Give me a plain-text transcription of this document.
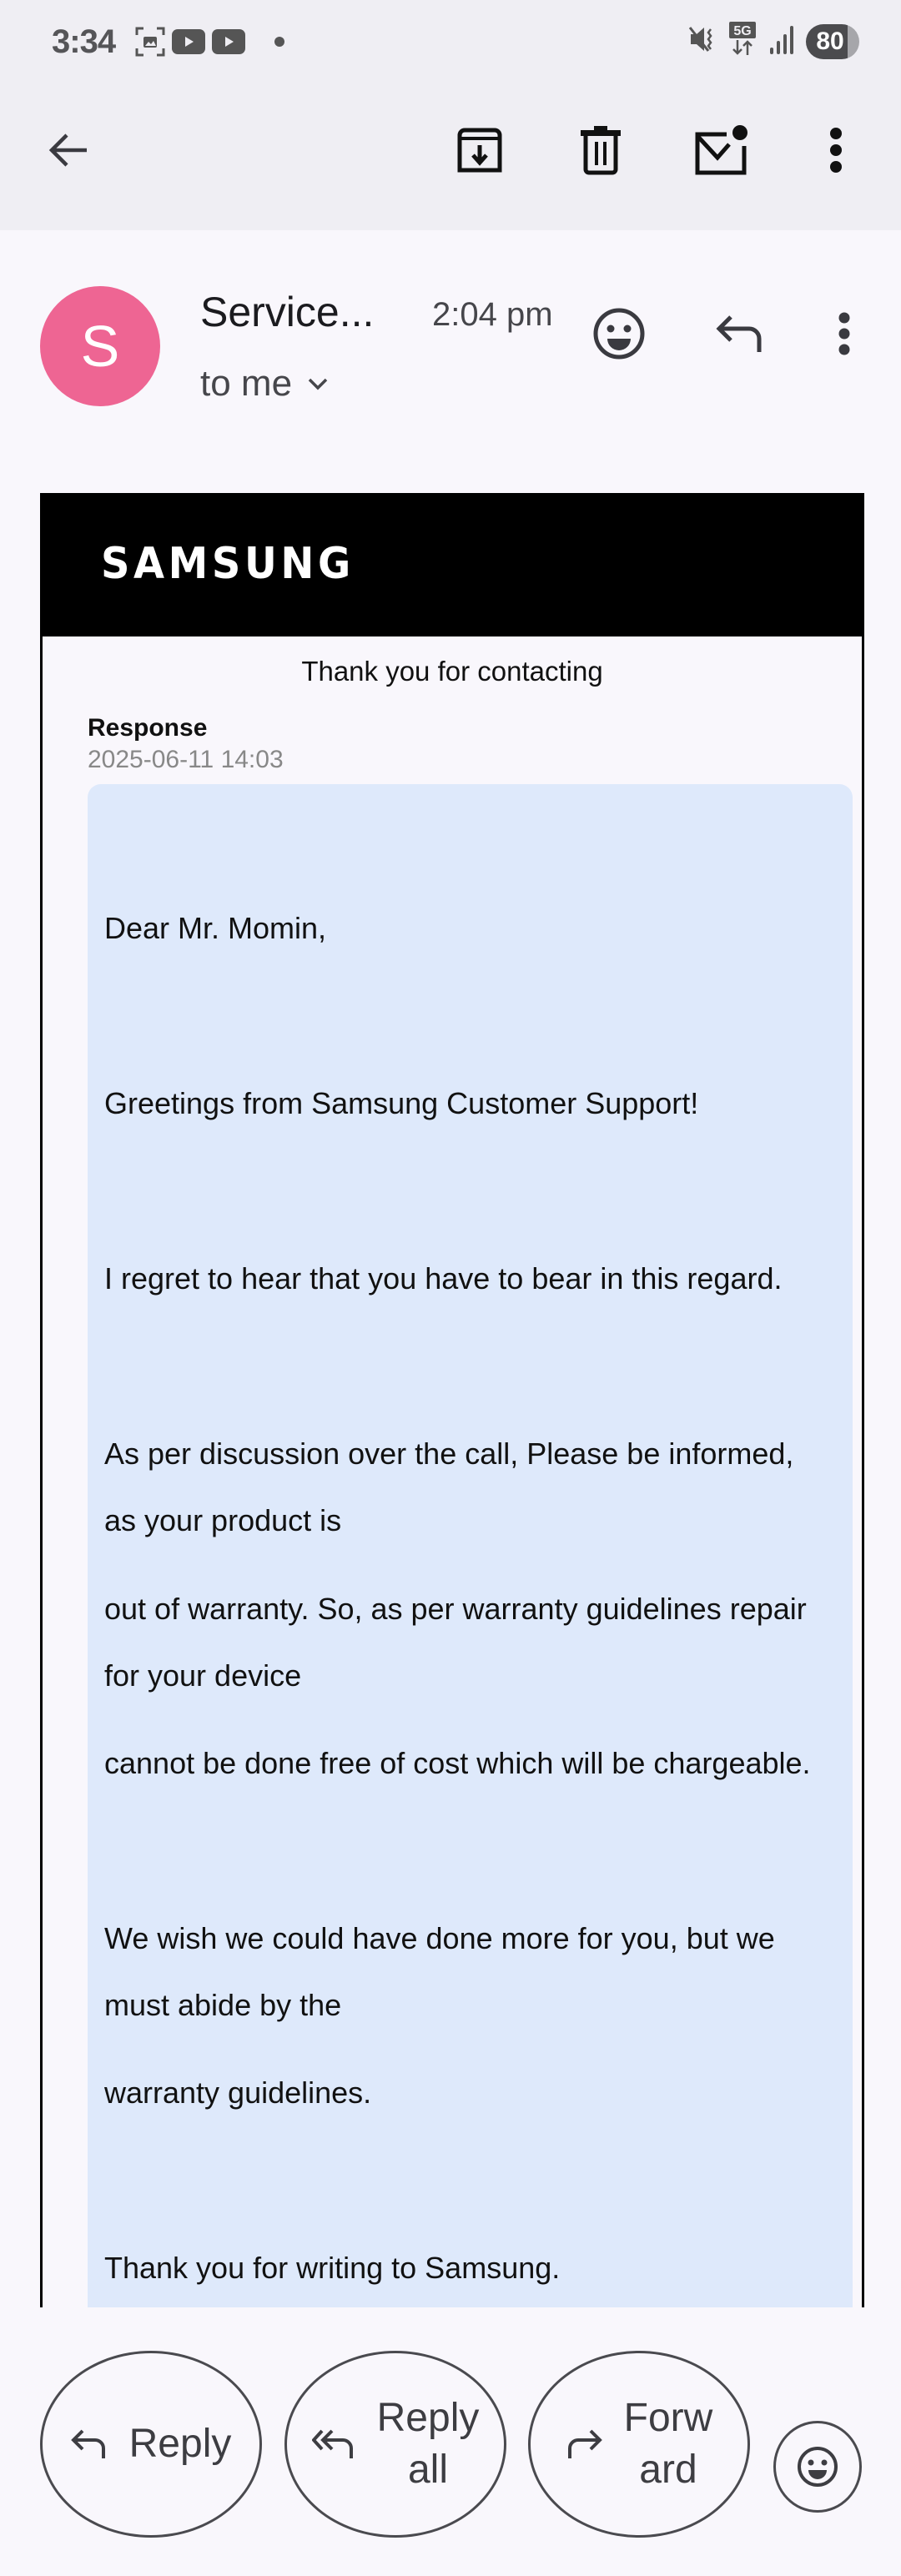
3:34	5G	80
S
Service... 2:04 pm
to me
SAMSUNG
Thank you for contacting
Response
2025-06-11 14:03
Dear Mr. Momin,
Greetings from Samsung Customer Support!
I regret to hear that you have to bear in this regard.
As per discussion over the call, Please be informed,
as your product is
out of warranty. So, as per warranty guidelines repair
for your device
cannot be done free of cost which will be chargeable.
We wish we could have done more for you, but we
must abide by the
warranty guidelines.
Thank you for writing to Samsung.
Reply
Reply
all
Forw
ard
